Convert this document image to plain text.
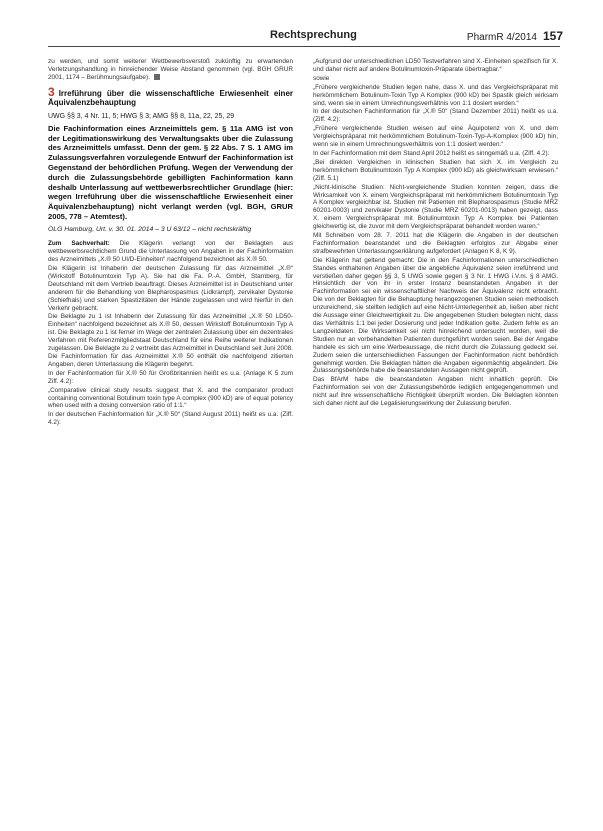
Rechtsprechung	PharmR 4/2014 157

zu werden, und somit weiterer Wettbewerbsverstoß zukünftig zu erwartenden Verletzungshandlung in hinreichender Weise Abstand genommen (vgl. BGH GRUR 2001, 1174 – Berühmungsaufgabe).

3 Irreführung über die wissenschaftliche Erwiesenheit einer Äquivalenzbehauptung
UWG §§ 3, 4 Nr. 11, 5; HWG § 3; AMG §§ 8, 11a, 22, 25, 29
Die Fachinformation eines Arzneimittels gem. § 11a AMG ist von der Legitimationswirkung des Verwaltungsakts über die Zulassung des Arzneimittels umfasst. Denn der gem. § 22 Abs. 7 S. 1 AMG im Zulassungsverfahren vorzulegende Entwurf der Fachinformation ist Gegenstand der behördlichen Prüfung. Wegen der Verwendung der durch die Zulassungsbehörde gebilligten Fachinformation kann deshalb Unterlassung auf wettbewerbsrechtlicher Grundlage (hier: wegen Irreführung über die wissenschaftliche Erwiesenheit einer Äquivalenzbehauptung) nicht verlangt werden (vgl. BGH, GRUR 2005, 778 – Atemtest).
OLG Hamburg, Urt. v. 30. 01. 2014 – 3 U 63/12 – nicht rechtskräftig

Zum Sachverhalt: Die Klägerin verlangt von der Beklagten aus wettbewerbsrechtlichem Grund die Unterlassung von Angaben in der Fachinformation des Arzneimittels „X.® 50 UI/D-Einheiten“ nachfolgend bezeichnet als X.® 50.

Die Klägerin ist Inhaberin der deutschen Zulassung für das Arzneimittel „X.®“ (Wirkstoff Botulinumtoxin Typ A). Sie hat die Fa. P.-A. GmbH, Starnberg, für Deutschland mit dem Vertrieb beauftragt. Dieses Arzneimittel ist in Deutschland unter anderem für die Behandlung von Blepharospasmus (Lidkrampf), zervikaler Dystonie (Schiefhals) und starken Spastizitäten der Hände zugelassen und wird hierfür in den Verkehr gebracht.

Die Beklagte zu 1 ist Inhaberin der Zulassung für das Arzneimittel „X.® 50 LD50-Einheiten“ nachfolgend bezeichnet als X.® 50, dessen Wirkstoff Botulinumtoxin Typ A ist. Die Beklagte zu 1 ist ferner im Wege der zentralen Zulassung über ein dezentrales Verfahren mit Referenzmitgliedstaat Deutschland für eine Reihe weiterer Indikationen zugelassen. Die Beklagte zu 2 vertreibt das Arzneimittel in Deutschland seit Juni 2008. Die Fachinformation für das Arzneimittel X.® 50 enthält die nachfolgend zitierten Angaben, deren Unterlassung die Klägerin begehrt.

In der Fachinformation für X.® 50 für Großbritannien heißt es u.a. (Anlage K 5 zum Ziff. 4.2):

„Comparative clinical study results suggest that X. and the comparator product containing conventional Botulinum toxin type A complex (900 kD) are of equal potency when used with a dosing conversion ratio of 1:1.“

In der deutschen Fachinformation für „X.® 50“ (Stand August 2011) heißt es u.a. (Ziff. 4.2):

„Aufgrund der unterschiedlichen LD50 Testverfahren sind X.-Einheiten spezifisch für X. und daher nicht auf andere Botulinumtoxin-Präparate übertragbar.“

sowie

„Frühere vergleichende Studien legen nahe, dass X. und das Vergleichspräparat mit herkömmlichem Botulinum-Toxin Typ A Komplex (900 kD) bei Spastik gleich wirksam sind, wenn sie in einem Umrechnungsverhältnis von 1:1 dosiert werden.“

In der deutschen Fachinformation für „X.® 50“ (Stand Dezember 2011) heißt es u.a. (Ziff. 4.2):

„Frühere vergleichende Studien weisen auf eine Äquipotenz von X. und dem Vergleichspräparat mit herkömmlichem Botulinum-Toxin-Typ-A-Komplex (900 kD) hin, wenn sie in einem Umrechnungsverhältnis von 1:1 dosiert werden.“

In der Fachinformation mit dem Stand April 2012 heißt es sinngemäß u.a. (Ziff. 4.2):

„Bei direkten Vergleichen in klinischen Studien hat sich X. im Vergleich zu herkömmlichem Botulinumtoxin Typ A Komplex (900 kD) als gleichwirksam erwiesen.“ (Ziff. 5.1)

„Nicht-klinische Studien: Nicht-vergleichende Studien konnten zeigen, dass die Wirksamkeit von X. einem Vergleichspräparat mit herkömmlichem Botulinumtoxin Typ A Komplex vergleichbar ist. Studien mit Patienten mit Blepharospasmus (Studie MRZ 60201-0003) und zervikaler Dystonie (Studie MRZ 60201-0013) haben gezeigt, dass X. einem Vergleichspräparat mit Botulinumtoxin Typ A Komplex bei Patienten gleichwertig ist, die zuvor mit dem Vergleichspräparat behandelt worden waren.“

Mit Schreiben vom 28. 7. 2011 hat die Klägerin die Angaben in der deutschen Fachinformation beanstandet und die Beklagten erfolglos zur Abgabe einer strafbewehrten Unterlassungserklärung aufgefordert (Anlagen K 8, K 9).

Die Klägerin hat geltend gemacht: Die in den Fachinformationen unterschiedlichen Standes enthaltenen Angaben über die angebliche Äquivalenz seien irreführend und verstießen daher gegen §§ 3, 5 UWG sowie gegen § 3 Nr. 1 HWG i.V.m. § 8 AMG. Hinsichtlich der von ihr in erster Instanz beanstandeten Angaben in der Fachinformation sei ein wissenschaftlicher Nachweis der Äquivalenz nicht erbracht. Die von der Beklagten für die Behauptung herangezogenen Studien seien methodisch unzureichend, sie stellten lediglich auf eine Nicht-Unterlegenheit ab, ließen aber nicht die Aussage einer Gleichwertigkeit zu. Die angegebenen Studien belegten nicht, dass das Verhältnis 1:1 bei jeder Dosierung und jeder Indikation gelte. Zudem fehle es an Langzeitdaten. Die Wirksamkeit sei nicht hinreichend untersucht worden, weil die Studien nur an vorbehandelten Patienten durchgeführt worden seien. Bei der Angabe handele es sich um eine Werbeaussage, die nicht durch die Zulassung gedeckt sei. Zudem seien die unterschiedlichen Fassungen der Fachinformation nicht behördlich genehmigt worden. Die Beklagten hätten die Angaben eigenmächtig abgeändert. Die Zulassungsbehörde habe die beanstandeten Aussagen nicht geprüft.

Das BfArM habe die beanstandeten Angaben nicht inhaltlich geprüft. Die Fachinformation sei von der Zulassungsbehörde lediglich entgegengenommen und nicht auf ihre wissenschaftliche Richtigkeit überprüft worden. Die Beklagten könnten sich daher nicht auf die Legalisierungswirkung der Zulassung berufen.
